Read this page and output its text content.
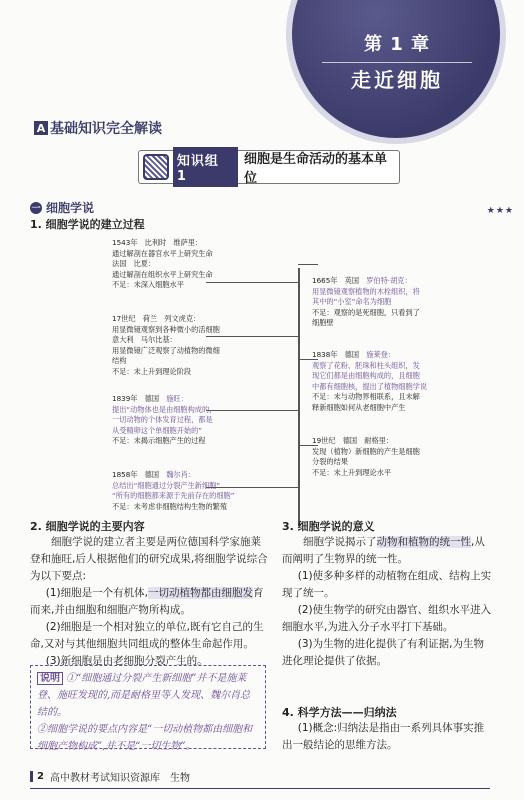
第 1 章
走近细胞
A 基础知识完全解读
知识组 1
细胞是生命活动的基本单位
★★★
一 细胞学说
1. 细胞学说的建立过程
1543年　比利时　维萨里：
通过解剖在器官水平上研究生命
法国　比夏：
通过解剖在组织水平上研究生命
不足：未深入细胞水平
17世纪　荷兰　列文虎克：
用显微镜观察到各种微小的活细胞
意大利　马尔比基：
用显微镜广泛观察了动植物的微细
结构
不足：未上升到理论阶段
1839年　德国　施旺：
提出“动物体也是由细胞构成的，
一切动物的个体发育过程，都是
从受精卵这个单细胞开始的”
不足：未揭示细胞产生的过程
1858年　德国　魏尔肖：
总结出“细胞通过分裂产生新细胞”
“所有的细胞都来源于先前存在的细胞”
不足：未考虑非细胞结构生物的繁殖
1665年　英国　罗伯特·胡克：
用显微镜观察植物的木栓组织，将
其中的“小室”命名为细胞
不足：观察的是死细胞，只看到了
细胞壁
1838年　德国　施莱登：
观察了花粉、胚珠和柱头组织，发
现它们都是由细胞构成的，且细胞
中都有细胞核，提出了植物细胞学说
不足：未与动物界相联系，且未解
释新细胞如何从老细胞中产生
19世纪　德国　耐格里：
发现（植物）新细胞的产生是细胞
分裂的结果
不足：未上升到理论水平
2. 细胞学说的主要内容

细胞学说的建立者主要是两位德国科学家施莱登和施旺,后人根据他们的研究成果,将细胞学说综合为以下要点:

(1)细胞是一个有机体,一切动植物都由细胞发育而来,并由细胞和细胞产物所构成。

(2)细胞是一个相对独立的单位,既有它自己的生命,又对与其他细胞共同组成的整体生命起作用。

(3)新细胞是由老细胞分裂产生的。

说明 ①“细胞通过分裂产生新细胞”并不是施莱登、施旺发现的,而是耐格里等人发现、魏尔肖总结的。
②细胞学说的要点内容是“一切动植物都由细胞和细胞产物构成”,并不是“一切生物”。
3. 细胞学说的意义

细胞学说揭示了动物和植物的统一性,从而阐明了生物界的统一性。

(1)使多种多样的动植物在组成、结构上实现了统一。

(2)使生物学的研究由器官、组织水平进入细胞水平,为进入分子水平打下基础。

(3)为生物的进化提供了有利证据,为生物进化理论提供了依据。

4. 科学方法——归纳法

(1)概念:归纳法是指由一系列具体事实推出一般结论的思维方法。

2 高中教材考试知识资源库　生物
